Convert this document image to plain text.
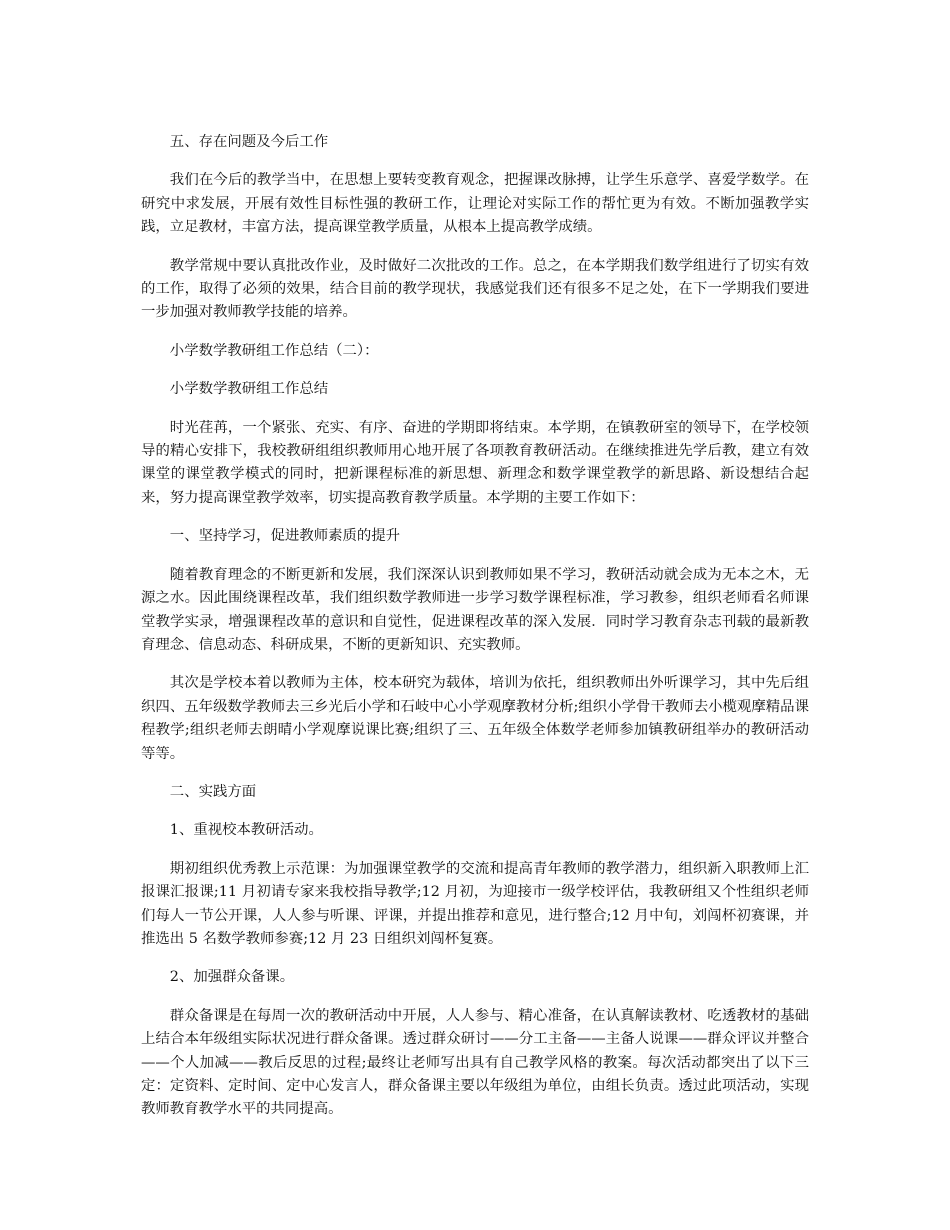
五、存在问题及今后工作

我们在今后的教学当中，在思想上要转变教育观念，把握课改脉搏，让学生乐意学、喜爱学数学。在研究中求发展，开展有效性目标性强的教研工作，让理论对实际工作的帮忙更为有效。不断加强教学实践，立足教材，丰富方法，提高课堂教学质量，从根本上提高教学成绩。

教学常规中要认真批改作业，及时做好二次批改的工作。总之，在本学期我们数学组进行了切实有效的工作，取得了必须的效果，结合目前的教学现状，我感觉我们还有很多不足之处，在下一学期我们要进一步加强对教师教学技能的培养。

小学数学教研组工作总结（二）：

小学数学教研组工作总结

时光荏苒，一个紧张、充实、有序、奋进的学期即将结束。本学期，在镇教研室的领导下，在学校领导的精心安排下，我校教研组组织教师用心地开展了各项教育教研活动。在继续推进先学后教，建立有效课堂的课堂教学模式的同时，把新课程标准的新思想、新理念和数学课堂教学的新思路、新设想结合起来，努力提高课堂教学效率，切实提高教育教学质量。本学期的主要工作如下：

一、坚持学习，促进教师素质的提升

随着教育理念的不断更新和发展，我们深深认识到教师如果不学习，教研活动就会成为无本之木，无源之水。因此围绕课程改革，我们组织数学教师进一步学习数学课程标准，学习教参，组织老师看名师课堂教学实录，增强课程改革的意识和自觉性，促进课程改革的深入发展．同时学习教育杂志刊载的最新教育理念、信息动态、科研成果，不断的更新知识、充实教师。

其次是学校本着以教师为主体，校本研究为载体，培训为依托，组织教师出外听课学习，其中先后组织四、五年级数学教师去三乡光后小学和石岐中心小学观摩教材分析;组织小学骨干教师去小榄观摩精品课程教学;组织老师去朗晴小学观摩说课比赛;组织了三、五年级全体数学老师参加镇教研组举办的教研活动等等。

二、实践方面

1、重视校本教研活动。

期初组织优秀教上示范课：为加强课堂教学的交流和提高青年教师的教学潜力，组织新入职教师上汇报课汇报课;11 月初请专家来我校指导教学;12 月初，为迎接市一级学校评估，我教研组又个性组织老师们每人一节公开课，人人参与听课、评课，并提出推荐和意见，进行整合;12 月中旬，刘闯杯初赛课，并推选出 5 名数学教师参赛;12 月 23 日组织刘闯杯复赛。

2、加强群众备课。

群众备课是在每周一次的教研活动中开展，人人参与、精心准备，在认真解读教材、吃透教材的基础上结合本年级组实际状况进行群众备课。透过群众研讨——分工主备——主备人说课——群众评议并整合——个人加减——教后反思的过程;最终让老师写出具有自己教学风格的教案。每次活动都突出了以下三定：定资料、定时间、定中心发言人，群众备课主要以年级组为单位，由组长负责。透过此项活动，实现教师教育教学水平的共同提高。
